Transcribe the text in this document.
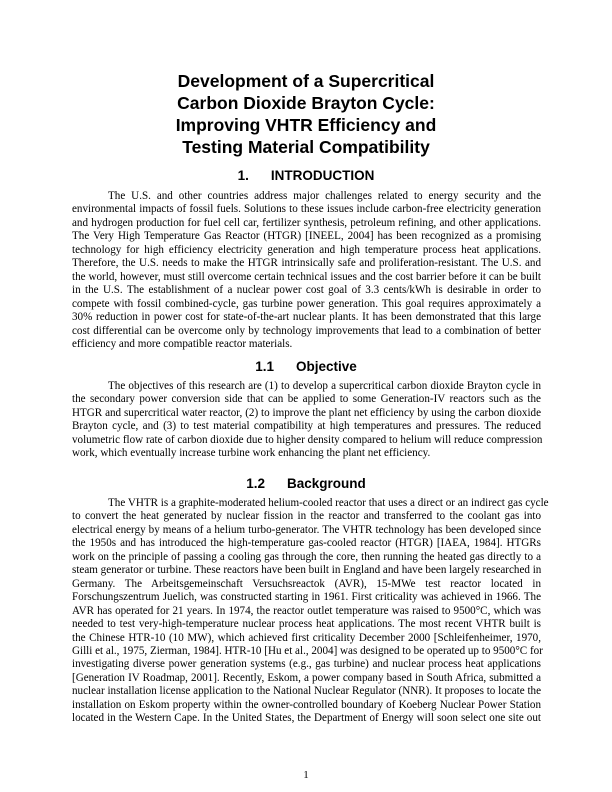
Development of a Supercritical
Carbon Dioxide Brayton Cycle:
Improving VHTR Efficiency and
Testing Material Compatibility
1. INTRODUCTION
The U.S. and other countries address major challenges related to energy security and the
environmental impacts of fossil fuels. Solutions to these issues include carbon-free electricity generation
and hydrogen production for fuel cell car, fertilizer synthesis, petroleum refining, and other applications.
The Very High Temperature Gas Reactor (HTGR) [INEEL, 2004] has been recognized as a promising
technology for high efficiency electricity generation and high temperature process heat applications.
Therefore, the U.S. needs to make the HTGR intrinsically safe and proliferation-resistant. The U.S. and
the world, however, must still overcome certain technical issues and the cost barrier before it can be built
in the U.S. The establishment of a nuclear power cost goal of 3.3 cents/kWh is desirable in order to
compete with fossil combined-cycle, gas turbine power generation. This goal requires approximately a
30% reduction in power cost for state-of-the-art nuclear plants. It has been demonstrated that this large
cost differential can be overcome only by technology improvements that lead to a combination of better
efficiency and more compatible reactor materials.
1.1 Objective
The objectives of this research are (1) to develop a supercritical carbon dioxide Brayton cycle in
the secondary power conversion side that can be applied to some Generation-IV reactors such as the
HTGR and supercritical water reactor, (2) to improve the plant net efficiency by using the carbon dioxide
Brayton cycle, and (3) to test material compatibility at high temperatures and pressures. The reduced
volumetric flow rate of carbon dioxide due to higher density compared to helium will reduce compression
work, which eventually increase turbine work enhancing the plant net efficiency.
1.2 Background
The VHTR is a graphite-moderated helium-cooled reactor that uses a direct or an indirect gas cycle
to convert the heat generated by nuclear fission in the reactor and transferred to the coolant gas into
electrical energy by means of a helium turbo-generator. The VHTR technology has been developed since
the 1950s and has introduced the high-temperature gas-cooled reactor (HTGR) [IAEA, 1984]. HTGRs
work on the principle of passing a cooling gas through the core, then running the heated gas directly to a
steam generator or turbine. These reactors have been built in England and have been largely researched in
Germany. The Arbeitsgemeinschaft Versuchsreactok (AVR), 15-MWe test reactor located in
Forschungszentrum Juelich, was constructed starting in 1961. First criticality was achieved in 1966. The
AVR has operated for 21 years. In 1974, the reactor outlet temperature was raised to 9500°C, which was
needed to test very-high-temperature nuclear process heat applications. The most recent VHTR built is
the Chinese HTR-10 (10 MW), which achieved first criticality December 2000 [Schleifenheimer, 1970,
Gilli et al., 1975, Zierman, 1984]. HTR-10 [Hu et al., 2004] was designed to be operated up to 9500°C for
investigating diverse power generation systems (e.g., gas turbine) and nuclear process heat applications
[Generation IV Roadmap, 2001]. Recently, Eskom, a power company based in South Africa, submitted a
nuclear installation license application to the National Nuclear Regulator (NNR). It proposes to locate the
installation on Eskom property within the owner-controlled boundary of Koeberg Nuclear Power Station
located in the Western Cape. In the United States, the Department of Energy will soon select one site out
1
